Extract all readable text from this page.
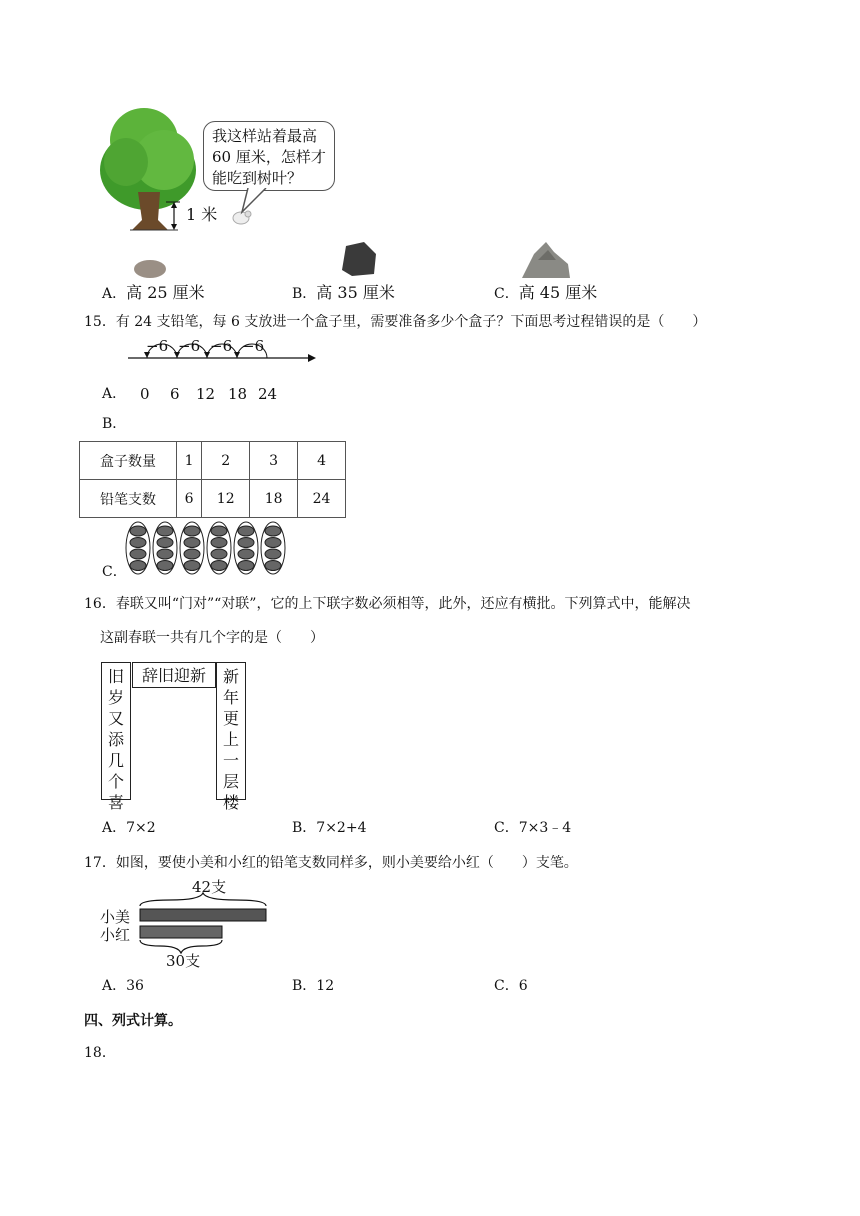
1 米
我这样站着最高
60 厘米，怎样才
能吃到树叶？
A．高 25 厘米	B．高 35 厘米	C．高 45 厘米
15．有 24 支铅笔，每 6 支放进一个盒子里，需要准备多少个盒子？下面思考过程错误的是（　　）
A．
−6 −6 −6 −6
0 6 12 18 24
B．
盒子数量	1	2	3	4
铅笔支数	6	12	18	24
C．
16．春联又叫“门对”“对联”，它的上下联字数必须相等，此外，还应有横批。下列算式中，能解决
这副春联一共有几个字的是（　　）
旧
岁
又
添
几
个
喜
辞旧迎新	新
年
更
上
一
层
楼
A．7×2	B．7×2+4	C．7×3﹣4
17．如图，要使小美和小红的铅笔支数同样多，则小美要给小红（　　）支笔。
42支
小美
小红
30支
A．36	B．12	C．6
四、列式计算。
18．
